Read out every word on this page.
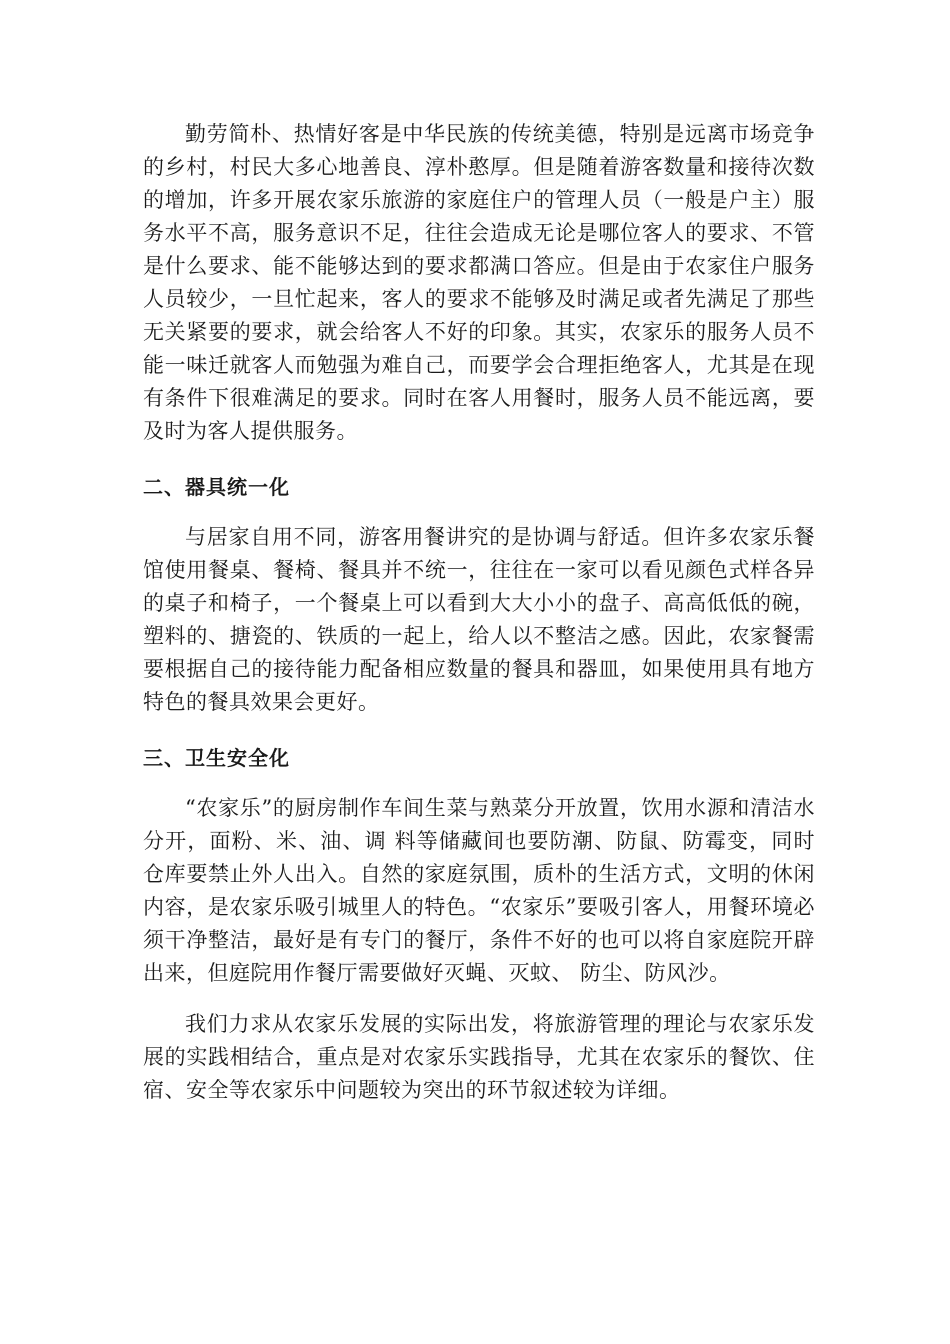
勤劳简朴、热情好客是中华民族的传统美德，特别是远离市场竞争的乡村，村民大多心地善良、淳朴憨厚。但是随着游客数量和接待次数的增加，许多开展农家乐旅游的家庭住户的管理人员（一般是户主）服务水平不高，服务意识不足，往往会造成无论是哪位客人的要求、不管是什么要求、能不能够达到的要求都满口答应。但是由于农家住户服务人员较少，一旦忙起来，客人的要求不能够及时满足或者先满足了那些无关紧要的要求，就会给客人不好的印象。其实，农家乐的服务人员不能一味迁就客人而勉强为难自己，而要学会合理拒绝客人，尤其是在现有条件下很难满足的要求。同时在客人用餐时，服务人员不能远离，要及时为客人提供服务。

二、器具统一化

与居家自用不同，游客用餐讲究的是协调与舒适。但许多农家乐餐馆使用餐桌、餐椅、餐具并不统一，往往在一家可以看见颜色式样各异的桌子和椅子，一个餐桌上可以看到大大小小的盘子、高高低低的碗，塑料的、搪瓷的、铁质的一起上，给人以不整洁之感。因此，农家餐需要根据自己的接待能力配备相应数量的餐具和器皿，如果使用具有地方特色的餐具效果会更好。

三、卫生安全化

“农家乐”的厨房制作车间生菜与熟菜分开放置，饮用水源和清洁水分开，面粉、米、油、调 料等储藏间也要防潮、防鼠、防霉变，同时仓库要禁止外人出入。自然的家庭氛围，质朴的生活方式，文明的休闲内容，是农家乐吸引城里人的特色。“农家乐”要吸引客人，用餐环境必须干净整洁，最好是有专门的餐厅，条件不好的也可以将自家庭院开辟出来，但庭院用作餐厅需要做好灭蝇、灭蚊、 防尘、防风沙。

我们力求从农家乐发展的实际出发，将旅游管理的理论与农家乐发展的实践相结合，重点是对农家乐实践指导，尤其在农家乐的餐饮、住宿、安全等农家乐中问题较为突出的环节叙述较为详细。
